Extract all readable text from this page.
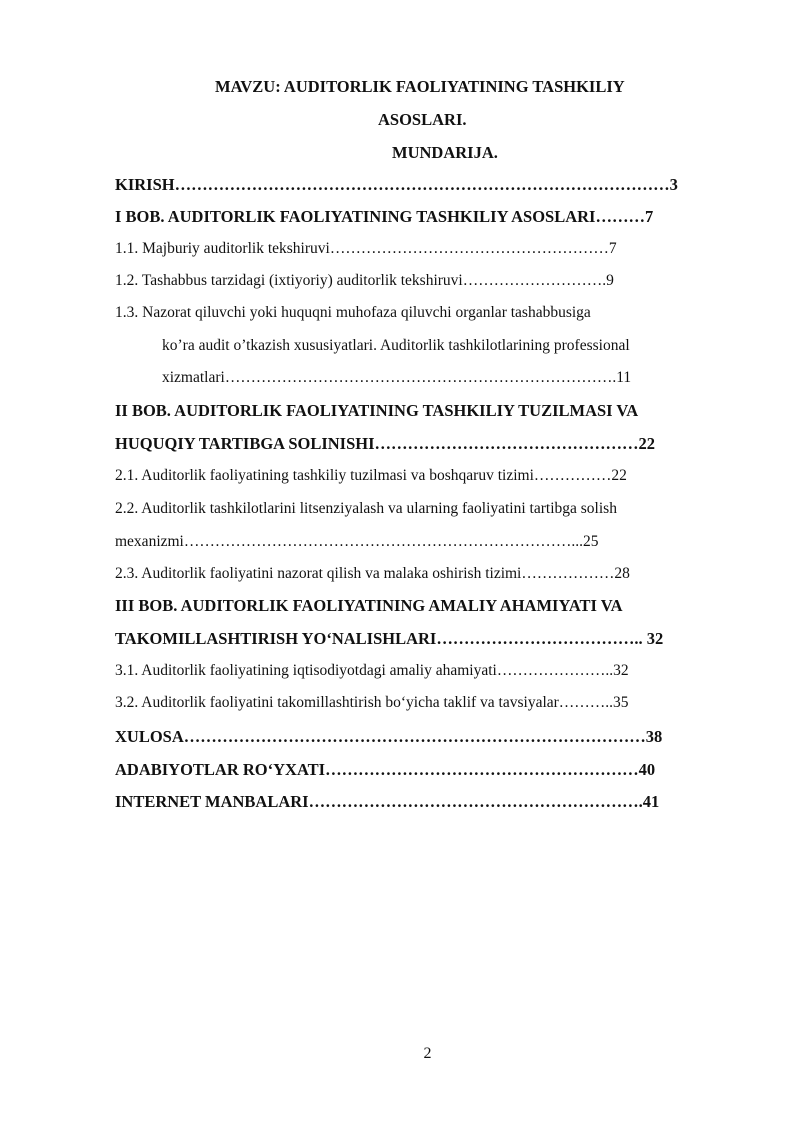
MAVZU: AUDITORLIK FAOLIYATINING TASHKILIY
ASOSLARI.
MUNDARIJA.
KIRISH………………………………………………………………………………3
I BOB. AUDITORLIK FAOLIYATINING TASHKILIY ASOSLARI………7
1.1. Majburiy auditorlik tekshiruvi………………………………………………7
1.2. Tashabbus tarzidagi (ixtiyoriy) auditorlik tekshiruvi……………………….9
1.3. Nazorat qiluvchi yoki huquqni muhofaza qiluvchi organlar tashabbusiga
ko’ra audit o’tkazish xususiyatlari. Auditorlik tashkilotlarining professional
xizmatlari………………………………………………………………….11
II BOB. AUDITORLIK FAOLIYATINING TASHKILIY TUZILMASI VA
HUQUQIY TARTIBGA SOLINISHI…………………………………………22
2.1. Auditorlik faoliyatining tashkiliy tuzilmasi va boshqaruv tizimi……………22
2.2. Auditorlik tashkilotlarini litsenziyalash va ularning faoliyatini tartibga solish
mexanizmi…………………………………………………………………...25
2.3. Auditorlik faoliyatini nazorat qilish va malaka oshirish tizimi………………28
III BOB. AUDITORLIK FAOLIYATINING AMALIY AHAMIYATI VA
TAKOMILLASHTIRISH YO‘NALISHLARI……………………………….. 32
3.1. Auditorlik faoliyatining iqtisodiyotdagi amaliy ahamiyati…………………..32
3.2. Auditorlik faoliyatini takomillashtirish bo‘yicha taklif va tavsiyalar………..35
XULOSA…………………………………………………………………………38
ADABIYOTLAR RO‘YXATI…………………………………………………40
INTERNET MANBALARI…………………………………………………….41
2
